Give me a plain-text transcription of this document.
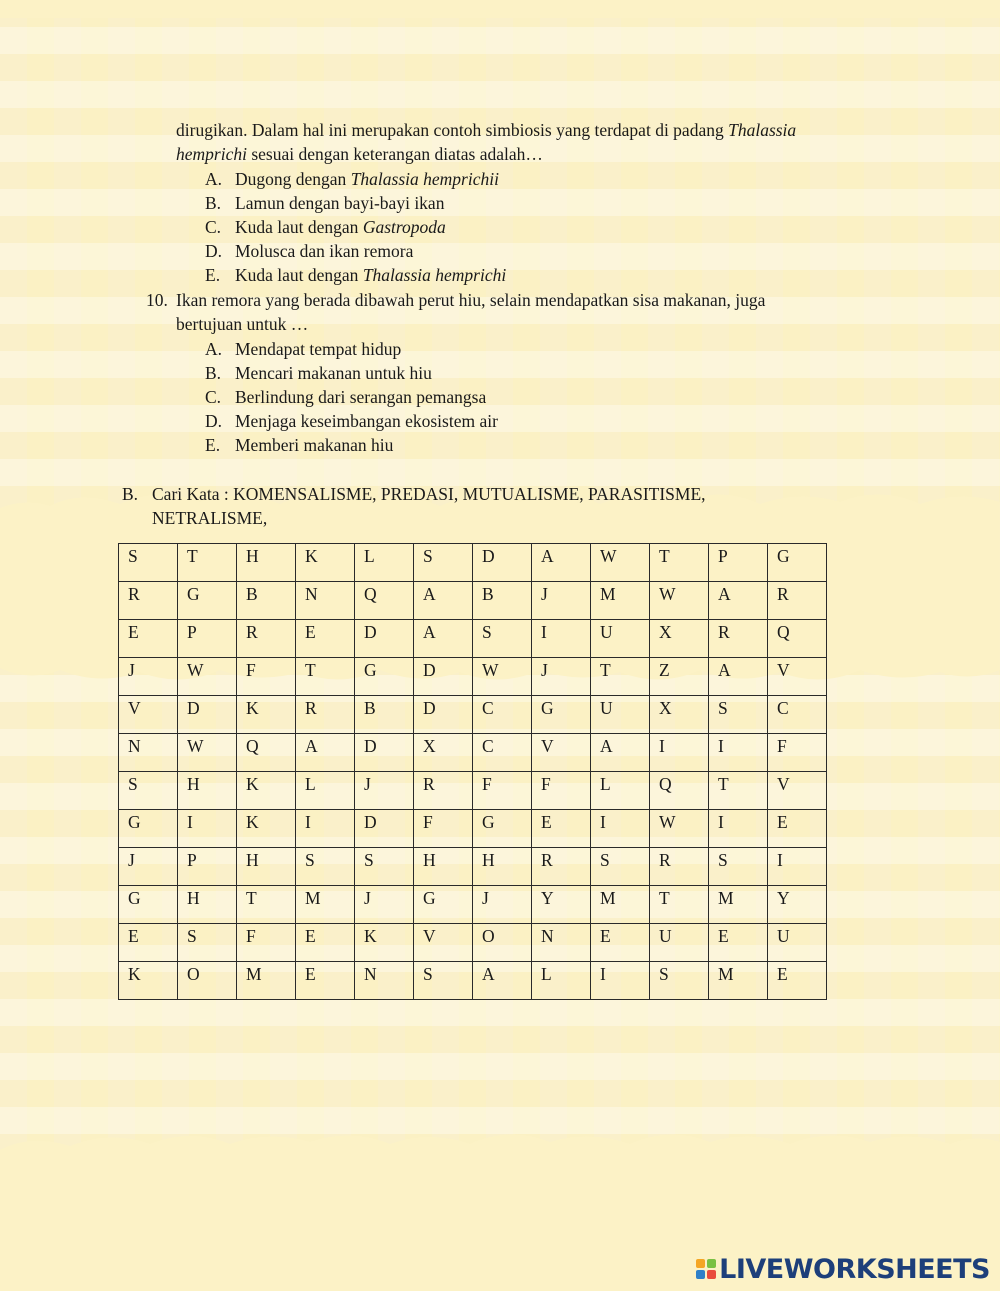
dirugikan. Dalam hal ini merupakan contoh simbiosis yang terdapat di padang Thalassia
hemprichi sesuai dengan keterangan diatas adalah…
A. Dugong dengan Thalassia hemprichii
B. Lamun dengan bayi-bayi ikan
C. Kuda laut dengan Gastropoda
D. Molusca dan ikan remora
E. Kuda laut dengan Thalassia hemprichi
10. Ikan remora yang berada dibawah perut hiu, selain mendapatkan sisa makanan, juga
bertujuan untuk …
A. Mendapat tempat hidup
B. Mencari makanan untuk hiu
C. Berlindung dari serangan pemangsa
D. Menjaga keseimbangan ekosistem air
E. Memberi makanan hiu
B. Cari Kata : KOMENSALISME, PREDASI, MUTUALISME, PARASITISME,
NETRALISME,
S	T	H	K	L	S	D	A	W	T	P	G
R	G	B	N	Q	A	B	J	M	W	A	R
E	P	R	E	D	A	S	I	U	X	R	Q
J	W	F	T	G	D	W	J	T	Z	A	V
V	D	K	R	B	D	C	G	U	X	S	C
N	W	Q	A	D	X	C	V	A	I	I	F
S	H	K	L	J	R	F	F	L	Q	T	V
G	I	K	I	D	F	G	E	I	W	I	E
J	P	H	S	S	H	H	R	S	R	S	I
G	H	T	M	J	G	J	Y	M	T	M	Y
E	S	F	E	K	V	O	N	E	U	E	U
K	O	M	E	N	S	A	L	I	S	M	E
LIVEWORKSHEETS
